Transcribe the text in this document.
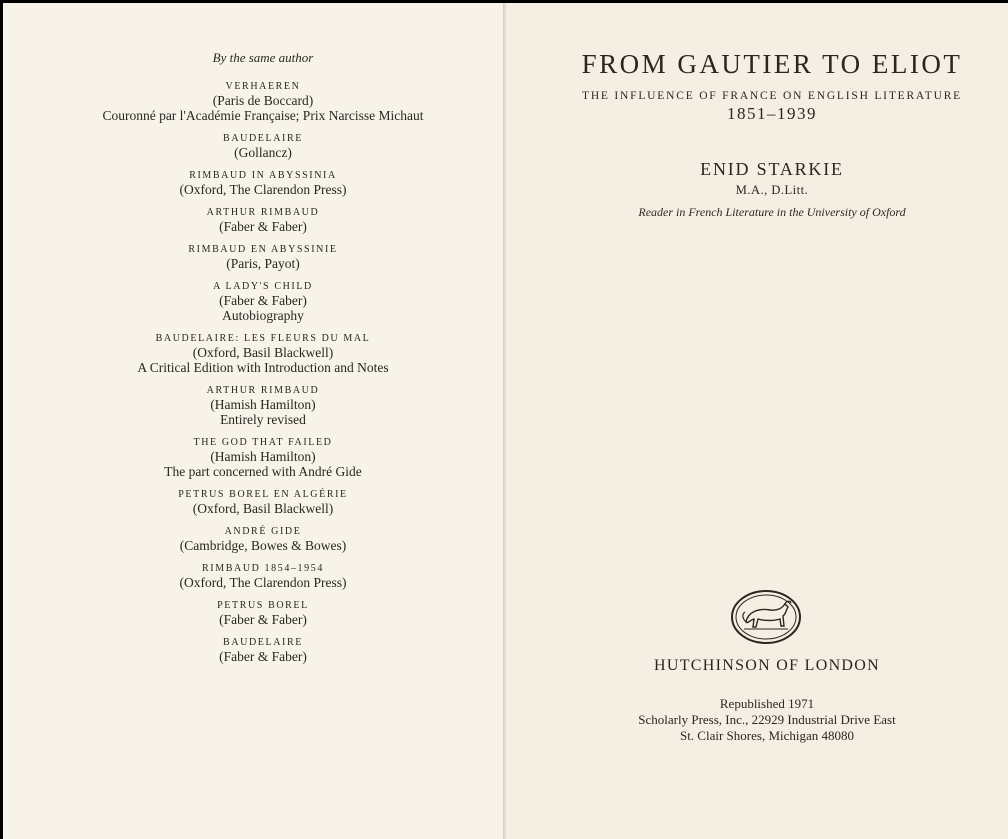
By the same author
VERHAEREN
(Paris de Boccard)
Couronné par l'Académie Française; Prix Narcisse Michaut
BAUDELAIRE
(Gollancz)
RIMBAUD IN ABYSSINIA
(Oxford, The Clarendon Press)
ARTHUR RIMBAUD
(Faber & Faber)
RIMBAUD EN ABYSSINIE
(Paris, Payot)
A LADY'S CHILD
(Faber & Faber)
Autobiography
BAUDELAIRE: LES FLEURS DU MAL
(Oxford, Basil Blackwell)
A Critical Edition with Introduction and Notes
ARTHUR RIMBAUD
(Hamish Hamilton)
Entirely revised
THE GOD THAT FAILED
(Hamish Hamilton)
The part concerned with André Gide
PETRUS BOREL EN ALGÉRIE
(Oxford, Basil Blackwell)
ANDRÉ GIDE
(Cambridge, Bowes & Bowes)
RIMBAUD 1854–1954
(Oxford, The Clarendon Press)
PETRUS BOREL
(Faber & Faber)
BAUDELAIRE
(Faber & Faber)
FROM GAUTIER TO ELIOT
THE INFLUENCE OF FRANCE ON ENGLISH LITERATURE
1851–1939
ENID STARKIE
M.A., D.Litt.
Reader in French Literature in the University of Oxford
HUTCHINSON OF LONDON
Republished 1971
Scholarly Press, Inc., 22929 Industrial Drive East
St. Clair Shores, Michigan 48080
